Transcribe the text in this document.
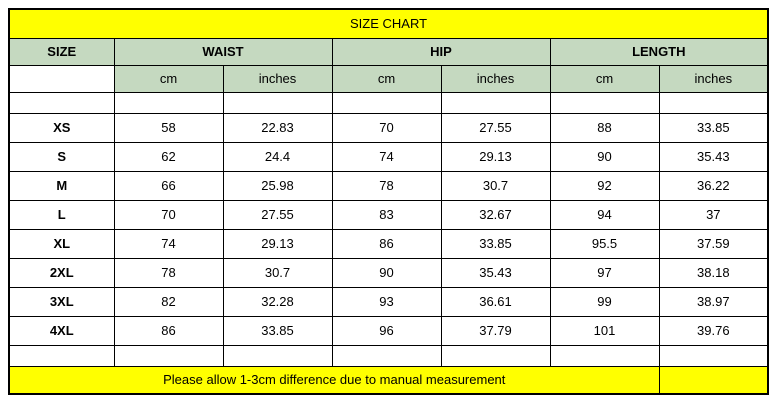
SIZE CHART						
SIZE	WAIST		HIP		LENGTH	
	cm	inches	cm	inches	cm	inches

XS	58	22.83	70	27.55	88	33.85
S	62	24.4	74	29.13	90	35.43
M	66	25.98	78	30.7	92	36.22
L	70	27.55	83	32.67	94	37
XL	74	29.13	86	33.85	95.5	37.59
2XL	78	30.7	90	35.43	97	38.18
3XL	82	32.28	93	36.61	99	38.97
4XL	86	33.85	96	37.79	101	39.76

Please allow 1-3cm difference due to manual measurement						
